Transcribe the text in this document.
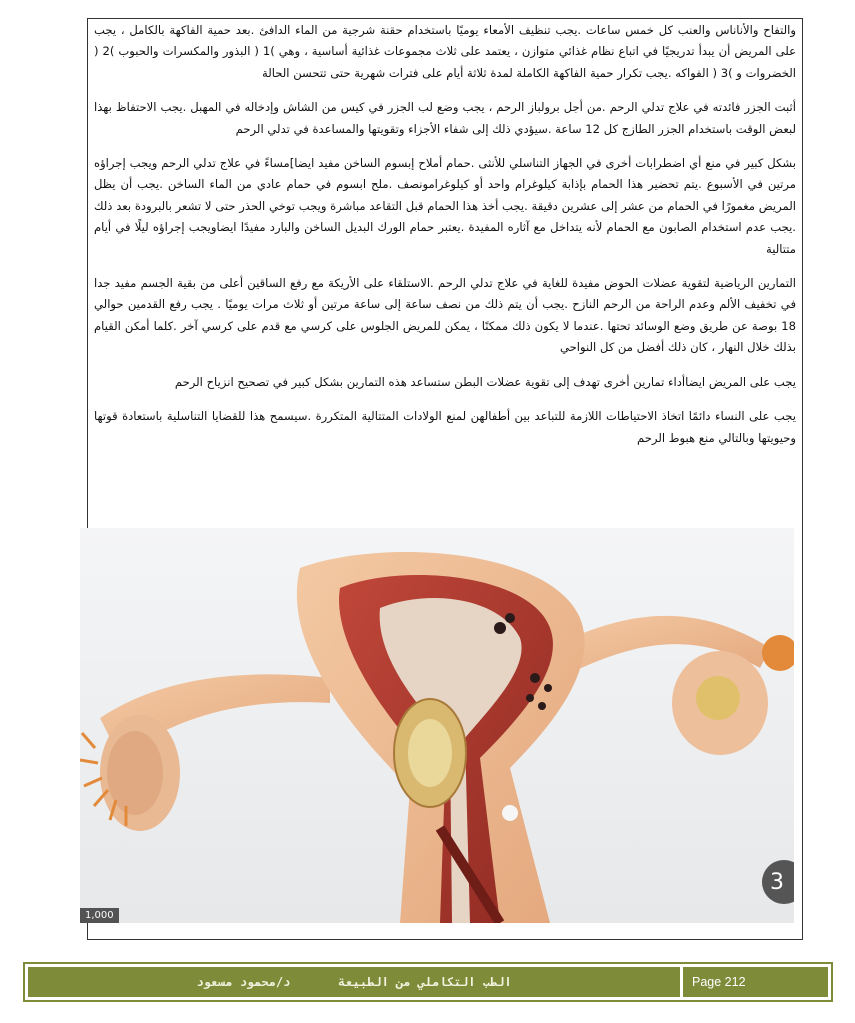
والتفاح والأناناس والعنب كل خمس ساعات .يجب تنظيف الأمعاء يوميًا باستخدام حقنة شرجية من الماء الدافئ .بعد حمية الفاكهة بالكامل ، يجب على المريض أن يبدأ تدريجيًا في اتباع نظام غذائي متوازن ، يعتمد على ثلاث مجموعات غذائية أساسية ، وهي )1 ( البذور والمكسرات والحبوب )2 ( الخضروات و )3 ( الفواكه .يجب تكرار حمية الفاكهة الكاملة لمدة ثلاثة أيام على فترات شهرية حتى تتحسن الحالة

أثبت الجزر فائدته في علاج تدلي الرحم .من أجل برولباز الرحم ، يجب وضع لب الجزر في كيس من الشاش وإدخاله في المهبل .يجب الاحتفاظ بهذا لبعض الوقت باستخدام الجزر الطازج كل 12 ساعة .سيؤدي ذلك إلى شفاء الأجزاء وتقويتها والمساعدة في تدلي الرحم

بشكل كبير في منع أي اضطرابات أخرى في الجهاز التناسلي للأنثى .حمام أملاح إبسوم الساخن مفيد ايضا]مساءً في علاج تدلي الرحم ويجب إجراؤه مرتين في الأسبوع .يتم تحضير هذا الحمام بإذابة كيلوغرام واحد أو كيلوغرامونصف .ملح ابسوم في حمام عادي من الماء الساخن .يجب أن يظل المريض مغمورًا في الحمام من عشر إلى عشرين دقيقة .يجب أخذ هذا الحمام قبل التقاعد مباشرة ويجب توخي الحذر حتى لا تشعر بالبرودة بعد ذلك .يجب عدم استخدام الصابون مع الحمام لأنه يتداخل مع آثاره المفيدة .يعتبر حمام الورك البديل الساخن والبارد مفيدًا ايضاويجب إجراؤه ليلًا في أيام متتالية

التمارين الرياضية لتقوية عضلات الحوض مفيدة للغاية في علاج تدلي الرحم .الاستلقاء على الأريكة مع رفع الساقين أعلى من بقية الجسم مفيد جدا في تخفيف الألم وعدم الراحة من الرحم النازح .يجب أن يتم ذلك من نصف ساعة إلى ساعة مرتين أو ثلاث مرات يوميًا . يجب رفع القدمين حوالي 18 بوصة عن طريق وضع الوسائد تحتها .عندما لا يكون ذلك ممكنًا ، يمكن للمريض الجلوس على كرسي مع قدم على كرسي آخر .كلما أمكن القيام بذلك خلال النهار ، كان ذلك أفضل من كل النواحي

يجب على المريض ايضاأداء تمارين أخرى تهدف إلى تقوية عضلات البطن ستساعد هذه التمارين بشكل كبير في تصحيح انزياح الرحم

يجب على النساء دائمًا اتخاذ الاحتياطات اللازمة للتباعد بين أطفالهن لمنع الولادات المتتالية المتكررة .سيسمح هذا للقضايا التناسلية باستعادة قوتها وحيويتها وبالتالي منع هبوط الرحم

1,000
3
الطب التكاملي من الطبيعة
د/محمود مسعود	Page 212
